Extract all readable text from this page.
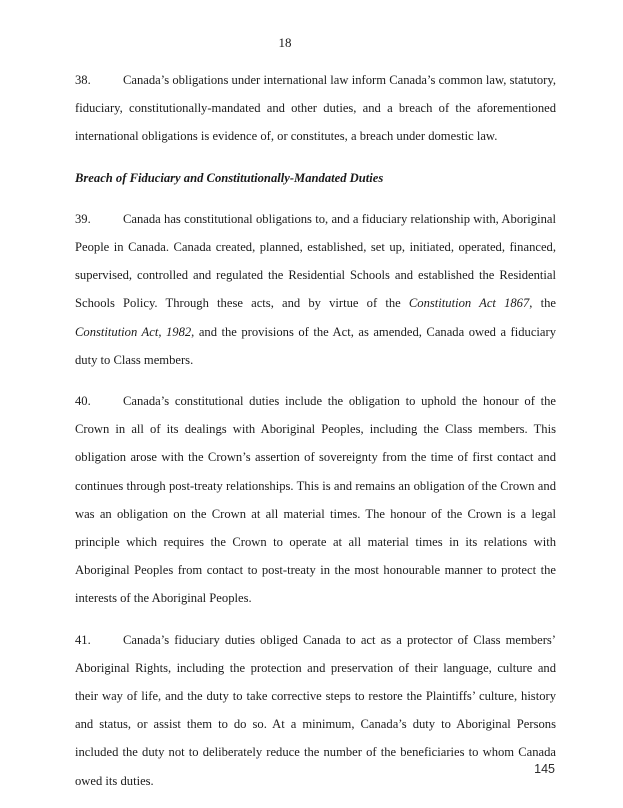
18

38.	Canada’s obligations under international law inform Canada’s common law, statutory, fiduciary, constitutionally-mandated and other duties, and a breach of the aforementioned international obligations is evidence of, or constitutes, a breach under domestic law.

Breach of Fiduciary and Constitutionally-Mandated Duties

39.	Canada has constitutional obligations to, and a fiduciary relationship with, Aboriginal People in Canada. Canada created, planned, established, set up, initiated, operated, financed, supervised, controlled and regulated the Residential Schools and established the Residential Schools Policy. Through these acts, and by virtue of the Constitution Act 1867, the Constitution Act, 1982, and the provisions of the Act, as amended, Canada owed a fiduciary duty to Class members.

40.	Canada’s constitutional duties include the obligation to uphold the honour of the Crown in all of its dealings with Aboriginal Peoples, including the Class members. This obligation arose with the Crown’s assertion of sovereignty from the time of first contact and continues through post-treaty relationships. This is and remains an obligation of the Crown and was an obligation on the Crown at all material times. The honour of the Crown is a legal principle which requires the Crown to operate at all material times in its relations with Aboriginal Peoples from contact to post-treaty in the most honourable manner to protect the interests of the Aboriginal Peoples.

41.	Canada’s fiduciary duties obliged Canada to act as a protector of Class members’ Aboriginal Rights, including the protection and preservation of their language, culture and their way of life, and the duty to take corrective steps to restore the Plaintiffs’ culture, history and status, or assist them to do so. At a minimum, Canada’s duty to Aboriginal Persons included the duty not to deliberately reduce the number of the beneficiaries to whom Canada owed its duties.

145
